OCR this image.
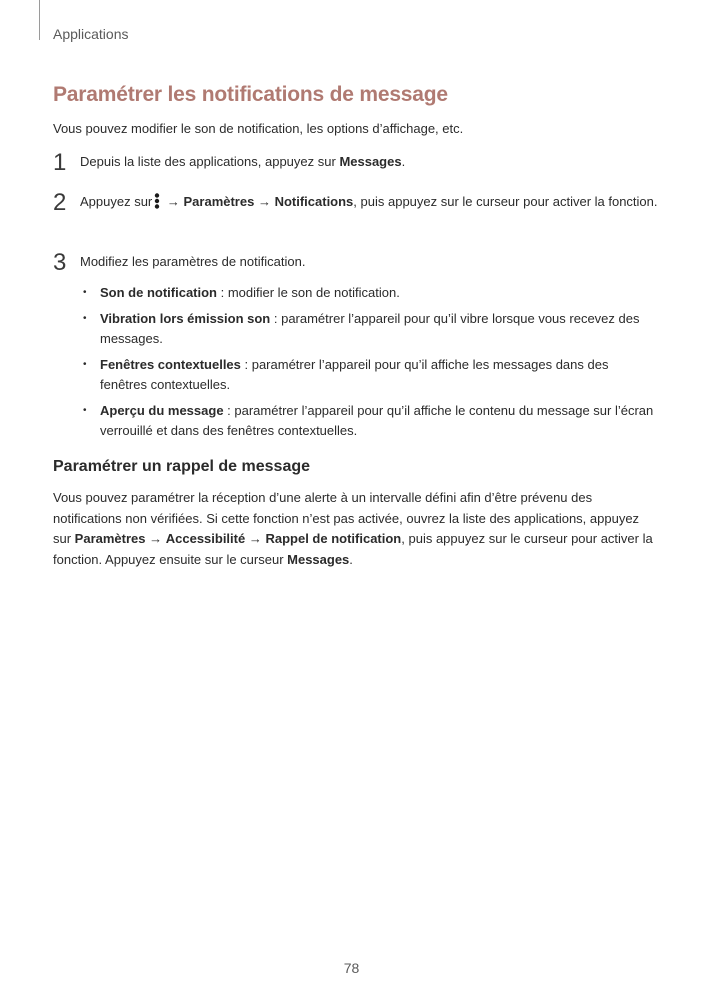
Applications
Paramétrer les notifications de message
Vous pouvez modifier le son de notification, les options d’affichage, etc.
1 Depuis la liste des applications, appuyez sur Messages.
2 Appuyez sur → Paramètres → Notifications, puis appuyez sur le curseur pour activer la fonction.
3 Modifiez les paramètres de notification.
• Son de notification : modifier le son de notification.
• Vibration lors émission son : paramétrer l’appareil pour qu’il vibre lorsque vous recevez des messages.
• Fenêtres contextuelles : paramétrer l’appareil pour qu’il affiche les messages dans des fenêtres contextuelles.
• Aperçu du message : paramétrer l’appareil pour qu’il affiche le contenu du message sur l’écran verrouillé et dans des fenêtres contextuelles.
Paramétrer un rappel de message
Vous pouvez paramétrer la réception d’une alerte à un intervalle défini afin d’être prévenu des notifications non vérifiées. Si cette fonction n’est pas activée, ouvrez la liste des applications, appuyez sur Paramètres → Accessibilité → Rappel de notification, puis appuyez sur le curseur pour activer la fonction. Appuyez ensuite sur le curseur Messages.
78
